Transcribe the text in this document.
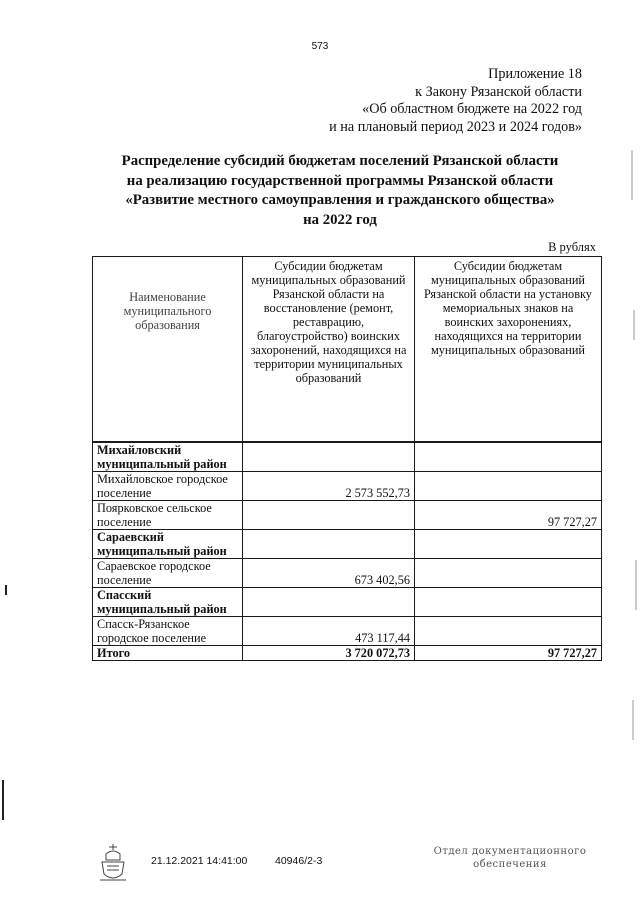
573
Приложение 18
к Закону Рязанской области
«Об областном бюджете на 2022 год
и на плановый период 2023 и 2024 годов»
Распределение субсидий бюджетам поселений Рязанской области
на реализацию государственной программы Рязанской области
«Развитие местного самоуправления и гражданского общества»
на 2022 год
В рублях
Наименование муниципального образования	Субсидии бюджетам муниципальных образований Рязанской области на восстановление (ремонт, реставрацию, благоустройство) воинских захоронений, находящихся на территории муниципальных образований	Субсидии бюджетам муниципальных образований Рязанской области на установку мемориальных знаков на воинских захоронениях, находящихся на территории муниципальных образований
Михайловский муниципальный район		
Михайловское городское поселение	2 573 552,73	
Поярковское сельское поселение		97 727,27
Сараевский муниципальный район		
Сараевское городское поселение	673 402,56	
Спасский муниципальный район		
Спасск-Рязанское городское поселение	473 117,44	
Итого	3 720 072,73	97 727,27
21.12.2021 14:41:00	40946/2-3
Отдел документационного
обеспечения
